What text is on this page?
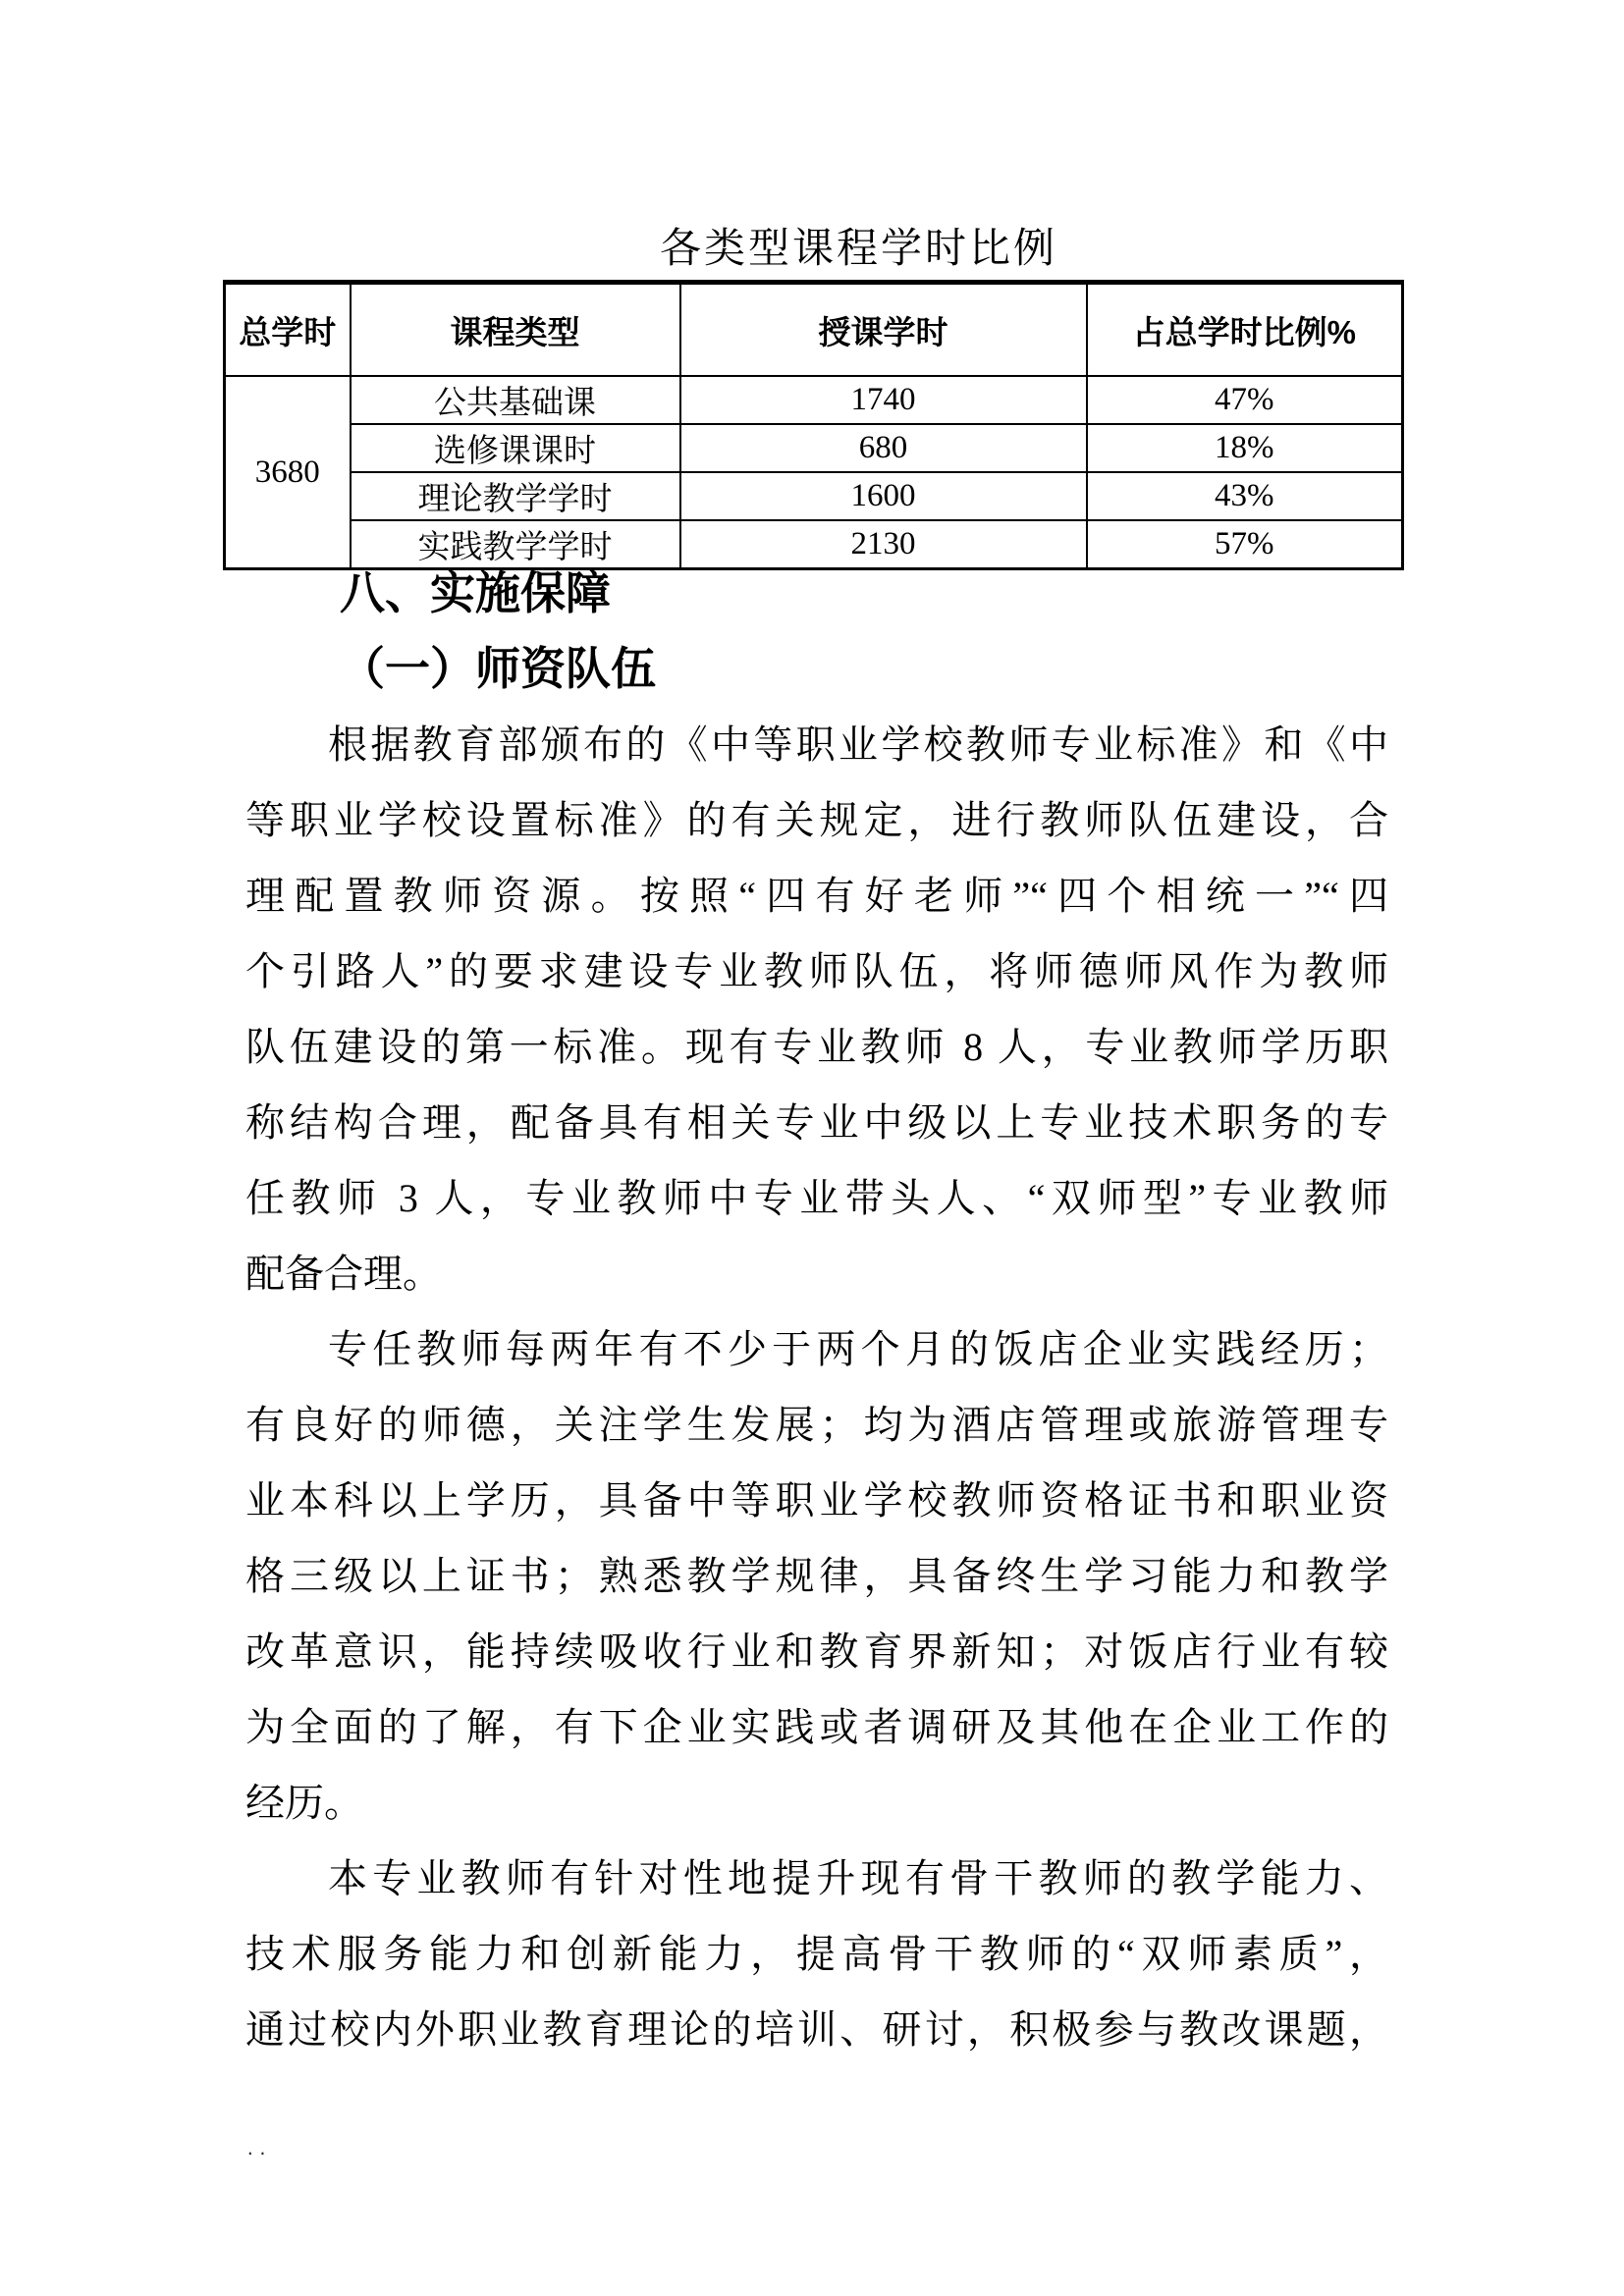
各类型课程学时比例
总学时	课程类型	授课学时	占总学时比例%
3680	公共基础课	1740	47%
	选修课课时	680	18%
	理论教学学时	1600	43%
	实践教学学时	2130	57%
八、实施保障
（一）师资队伍
根据教育部颁布的《中等职业学校教师专业标准》和《中
等职业学校设置标准》的有关规定，进行教师队伍建设，合
理配置教师资源。按照“四有好老师”“四个相统一”“四
个引路人”的要求建设专业教师队伍，将师德师风作为教师
队伍建设的第一标准。现有专业教师 8 人，专业教师学历职
称结构合理，配备具有相关专业中级以上专业技术职务的专
任教师 3 人，专业教师中专业带头人、“双师型”专业教师
配备合理。
专任教师每两年有不少于两个月的饭店企业实践经历；
有良好的师德，关注学生发展；均为酒店管理或旅游管理专
业本科以上学历，具备中等职业学校教师资格证书和职业资
格三级以上证书；熟悉教学规律，具备终生学习能力和教学
改革意识，能持续吸收行业和教育界新知；对饭店行业有较
为全面的了解，有下企业实践或者调研及其他在企业工作的
经历。
本专业教师有针对性地提升现有骨干教师的教学能力、
技术服务能力和创新能力，提高骨干教师的“双师素质”，
通过校内外职业教育理论的培训、研讨，积极参与教改课题，
..
